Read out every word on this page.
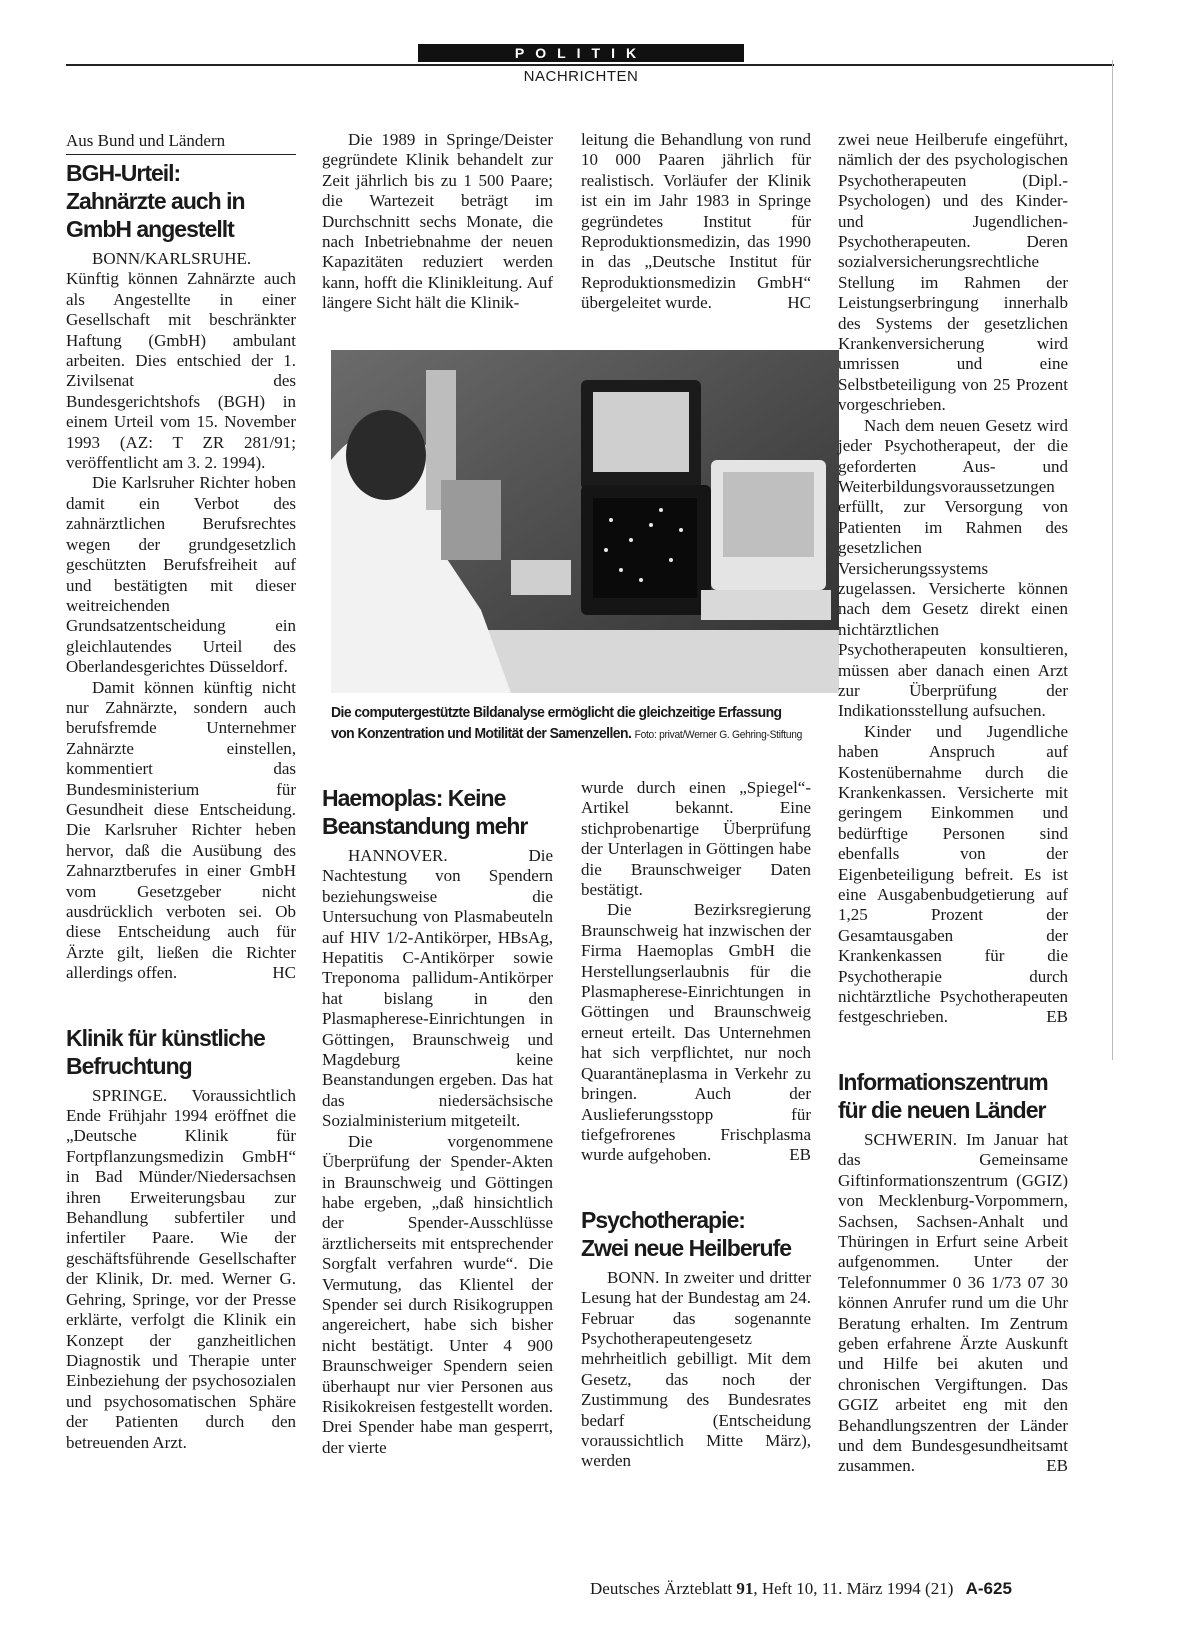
POLITIK
NACHRICHTEN
Aus Bund und Ländern
BGH-Urteil:
Zahnärzte auch in
GmbH angestellt

BONN/KARLSRUHE. Künftig können Zahnärzte auch als Angestellte in einer Gesellschaft mit beschränkter Haftung (GmbH) ambulant arbeiten. Dies entschied der 1. Zivilsenat des Bundesgerichtshofs (BGH) in einem Urteil vom 15. November 1993 (AZ: T ZR 281/91; veröffentlicht am 3. 2. 1994).

Die Karlsruher Richter hoben damit ein Verbot des zahnärztlichen Berufsrechtes wegen der grundgesetzlich geschützten Berufsfreiheit auf und bestätigten mit dieser weitreichenden Grundsatzentscheidung ein gleichlautendes Urteil des Oberlandesgerichtes Düsseldorf.

Damit können künftig nicht nur Zahnärzte, sondern auch berufsfremde Unternehmer Zahnärzte einstellen, kommentiert das Bundesministerium für Gesundheit diese Entscheidung. Die Karlsruher Richter heben hervor, daß die Ausübung des Zahnarztberufes in einer GmbH vom Gesetzgeber nicht ausdrücklich verboten sei. Ob diese Entscheidung auch für Ärzte gilt, ließen die Richter allerdings offen.	HC

Klinik für künstliche
Befruchtung

SPRINGE. Voraussichtlich Ende Frühjahr 1994 eröffnet die „Deutsche Klinik für Fortpflanzungsmedizin GmbH“ in Bad Münder/Niedersachsen ihren Erweiterungsbau zur Behandlung subfertiler und infertiler Paare. Wie der geschäftsführende Gesellschafter der Klinik, Dr. med. Werner G. Gehring, Springe, vor der Presse erklärte, verfolgt die Klinik ein Konzept der ganzheitlichen Diagnostik und Therapie unter Einbeziehung der psychosozialen und psychosomatischen Sphäre der Patienten durch den betreuenden Arzt.

Die 1989 in Springe/Deister gegründete Klinik behandelt zur Zeit jährlich bis zu 1 500 Paare; die Wartezeit beträgt im Durchschnitt sechs Monate, die nach Inbetriebnahme der neuen Kapazitäten reduziert werden kann, hofft die Klinikleitung. Auf längere Sicht hält die Klinik-

leitung die Behandlung von rund 10 000 Paaren jährlich für realistisch. Vorläufer der Klinik ist ein im Jahr 1983 in Springe gegründetes Institut für Reproduktionsmedizin, das 1990 in das „Deutsche Institut für Reproduktionsmedizin GmbH“ übergeleitet wurde.	HC

Die computergestützte Bildanalyse ermöglicht die gleichzeitige Erfassung von Konzentration und Motilität der Samenzellen. Foto: privat/Werner G. Gehring-Stiftung
Haemoplas: Keine
Beanstandung mehr

HANNOVER. Die Nachtestung von Spendern beziehungsweise die Untersuchung von Plasmabeuteln auf HIV 1/2-Antikörper, HBsAg, Hepatitis C-Antikörper sowie Treponoma pallidum-Antikörper hat bislang in den Plasmapherese-Einrichtungen in Göttingen, Braunschweig und Magdeburg keine Beanstandungen ergeben. Das hat das niedersächsische Sozialministerium mitgeteilt.

Die vorgenommene Überprüfung der Spender-Akten in Braunschweig und Göttingen habe ergeben, „daß hinsichtlich der Spender-Ausschlüsse ärztlicherseits mit entsprechender Sorgfalt verfahren wurde“. Die Vermutung, das Klientel der Spender sei durch Risikogruppen angereichert, habe sich bisher nicht bestätigt. Unter 4 900 Braunschweiger Spendern seien überhaupt nur vier Personen aus Risikokreisen festgestellt worden. Drei Spender habe man gesperrt, der vierte

wurde durch einen „Spiegel“-Artikel bekannt. Eine stichprobenartige Überprüfung der Unterlagen in Göttingen habe die Braunschweiger Daten bestätigt.

Die Bezirksregierung Braunschweig hat inzwischen der Firma Haemoplas GmbH die Herstellungserlaubnis für die Plasmapherese-Einrichtungen in Göttingen und Braunschweig erneut erteilt. Das Unternehmen hat sich verpflichtet, nur noch Quarantäneplasma in Verkehr zu bringen. Auch der Auslieferungsstopp für tiefgefrorenes Frischplasma wurde aufgehoben.	EB

Psychotherapie:
Zwei neue Heilberufe

BONN. In zweiter und dritter Lesung hat der Bundestag am 24. Februar das sogenannte Psychotherapeutengesetz mehrheitlich gebilligt. Mit dem Gesetz, das noch der Zustimmung des Bundesrates bedarf (Entscheidung voraussichtlich Mitte März), werden

zwei neue Heilberufe eingeführt, nämlich der des psychologischen Psychotherapeuten (Dipl.-Psychologen) und des Kinder- und Jugendlichen-Psychotherapeuten. Deren sozialversicherungsrechtliche Stellung im Rahmen der Leistungserbringung innerhalb des Systems der gesetzlichen Krankenversicherung wird umrissen und eine Selbstbeteiligung von 25 Prozent vorgeschrieben.

Nach dem neuen Gesetz wird jeder Psychotherapeut, der die geforderten Aus- und Weiterbildungsvoraussetzungen erfüllt, zur Versorgung von Patienten im Rahmen des gesetzlichen Versicherungssystems zugelassen. Versicherte können nach dem Gesetz direkt einen nichtärztlichen Psychotherapeuten konsultieren, müssen aber danach einen Arzt zur Überprüfung der Indikationsstellung aufsuchen.

Kinder und Jugendliche haben Anspruch auf Kostenübernahme durch die Krankenkassen. Versicherte mit geringem Einkommen und bedürftige Personen sind ebenfalls von der Eigenbeteiligung befreit. Es ist eine Ausgabenbudgetierung auf 1,25 Prozent der Gesamtausgaben der Krankenkassen für die Psychotherapie durch nichtärztliche Psychotherapeuten festgeschrieben.	EB

Informationszentrum
für die neuen Länder

SCHWERIN. Im Januar hat das Gemeinsame Giftinformationszentrum (GGIZ) von Mecklenburg-Vorpommern, Sachsen, Sachsen-Anhalt und Thüringen in Erfurt seine Arbeit aufgenommen. Unter der Telefonnummer 0 36 1/73 07 30 können Anrufer rund um die Uhr Beratung erhalten. Im Zentrum geben erfahrene Ärzte Auskunft und Hilfe bei akuten und chronischen Vergiftungen. Das GGIZ arbeitet eng mit den Behandlungszentren der Länder und dem Bundesgesundheitsamt zusammen.	EB

Deutsches Ärzteblatt 91, Heft 10, 11. März 1994 (21) A-625
